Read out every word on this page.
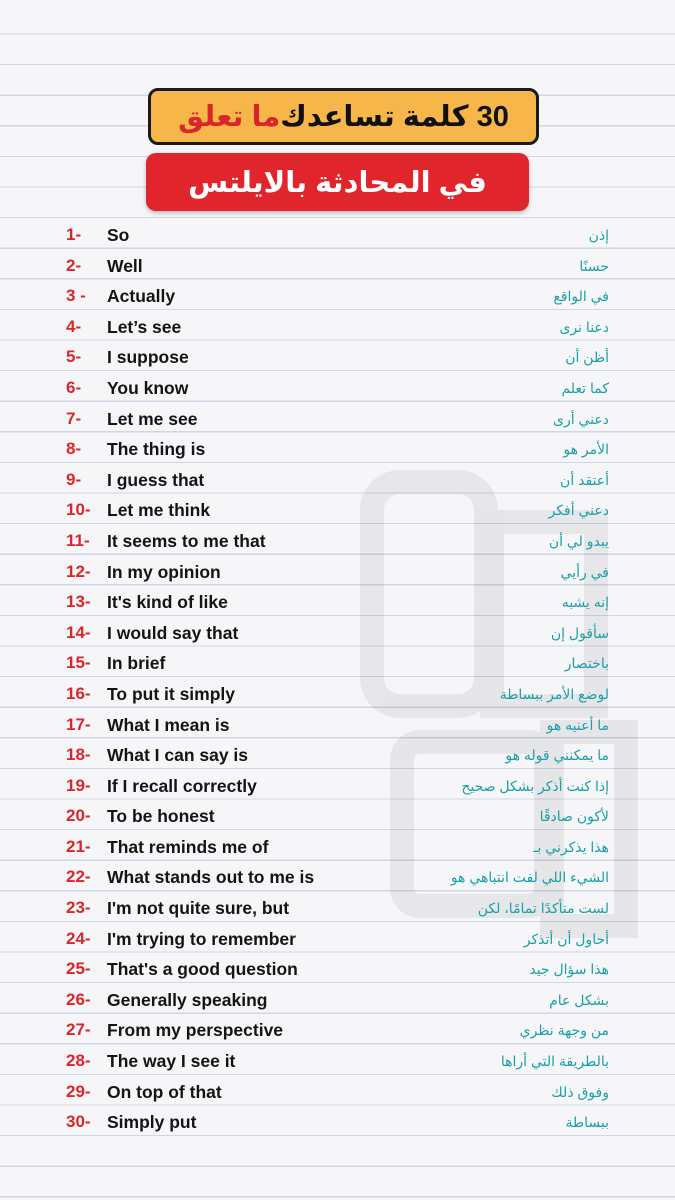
30 كلمة تساعدك
ما تعلق
في المحادثة بالايلتس
1- So	إذن
2- Well	حسنًا
3 - Actually	في الواقع
4- Let’s see	دعنا نرى
5- I suppose	أظن أن
6- You know	كما تعلم
7- Let me see	دعني أرى
8- The thing is	الأمر هو
9- I guess that	أعتقد أن
10- Let me think	دعني أفكر
11- It seems to me that	يبدو لي أن
12- In my opinion	في رأيي
13- It's kind of like	إنه يشبه
14- I would say that	سأقول إن
15- In brief	باختصار
16- To put it simply	لوضع الأمر ببساطة
17- What I mean is	ما أعنيه هو
18- What I can say is	ما يمكنني قوله هو
19- If I recall correctly	إذا كنت أذكر بشكل صحيح
20- To be honest	لأكون صادقًا
21- That reminds me of	هذا يذكرني بـ
22- What stands out to me is	الشيء اللي لفت انتباهي هو
23- I'm not quite sure, but	لست متأكدًا تمامًا، لكن
24- I'm trying to remember	أحاول أن أتذكر
25- That's a good question	هذا سؤال جيد
26- Generally speaking	بشكل عام
27- From my perspective	من وجهة نظري
28- The way I see it	بالطريقة التي أراها
29- On top of that	وفوق ذلك
30- Simply put	ببساطة
